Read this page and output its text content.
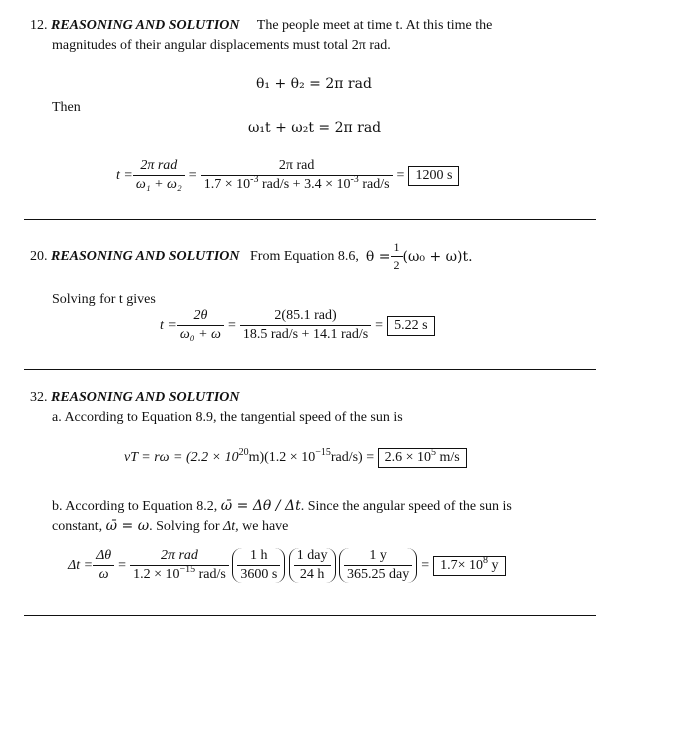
12. REASONING AND SOLUTION The people meet at time t. At this time the
magnitudes of their angular displacements must total 2π rad.
θ₁ + θ₂ = 2π rad
Then
ω₁t + ω₂t = 2π rad
$t = \frac{\text{2π rad}}{\text{ω₁ + ω₂}} = \frac{\text{2π rad}}{1.7 \times 10^{-3} rad/s + 3.4 \times 10^{-3} rad/s} = 1200$ s
20.
REASONING AND SOLUTION
From Equation 8.6,
$\theta = \frac{1}{2} (\omega_0 + \omega)t$.
Solving for t gives
$t = \frac{2\theta}{\text{ω₀ + ω}} = \frac{\text{2(85.1 rad)}}{\text{18.5 rad/s + 14.1 rad/s}} = 5.22$ s
32. REASONING AND SOLUTION
a. According to Equation 8.9, the tangential speed of the sun is
vT = rω = (2.2 × 10 20 m)(1.2 × 10 −15 rad/s) =
$2.6 \times 10^5$ m/s
b. According to Equation 8.2, ω̄ = Δθ / Δt. Since the angular speed of the sun is
constant, ω̄ = ω. Solving for Δt, we have
$\Delta t = \frac{\Delta\theta}{\omega} = \frac{\text{2π rad}}{1.2 \times 10^{-15} rad/s}$
$\frac{1 h}{3600 s}$
$\frac{\text{1 day}}{24 h}$
$\frac{1 y}{\text{365.25 day}} = 1.7\times 10^8$ y
